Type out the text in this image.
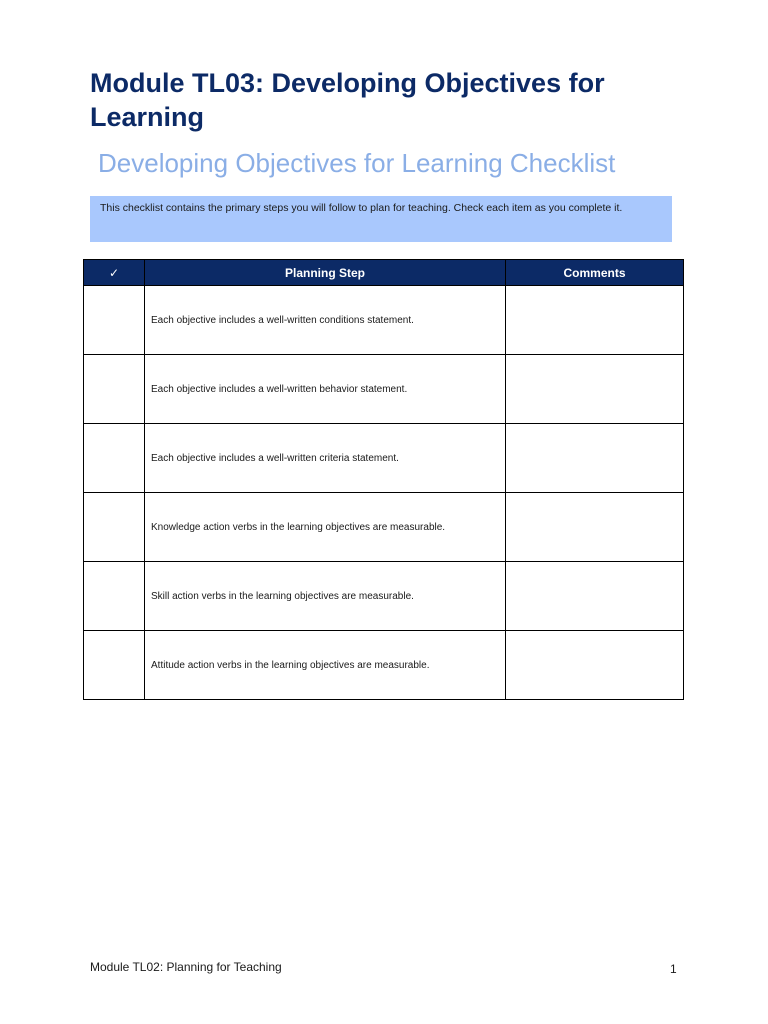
Module TL03: Developing Objectives for Learning
Developing Objectives for Learning Checklist
This checklist contains the primary steps you will follow to plan for teaching. Check each item as you complete it.
✓	Planning Step	Comments
	Each objective includes a well-written conditions statement.	
	Each objective includes a well-written behavior statement.	
	Each objective includes a well-written criteria statement.	
	Knowledge action verbs in the learning objectives are measurable.	
	Skill action verbs in the learning objectives are measurable.	
	Attitude action verbs in the learning objectives are measurable.	
Module TL02: Planning for Teaching	1
